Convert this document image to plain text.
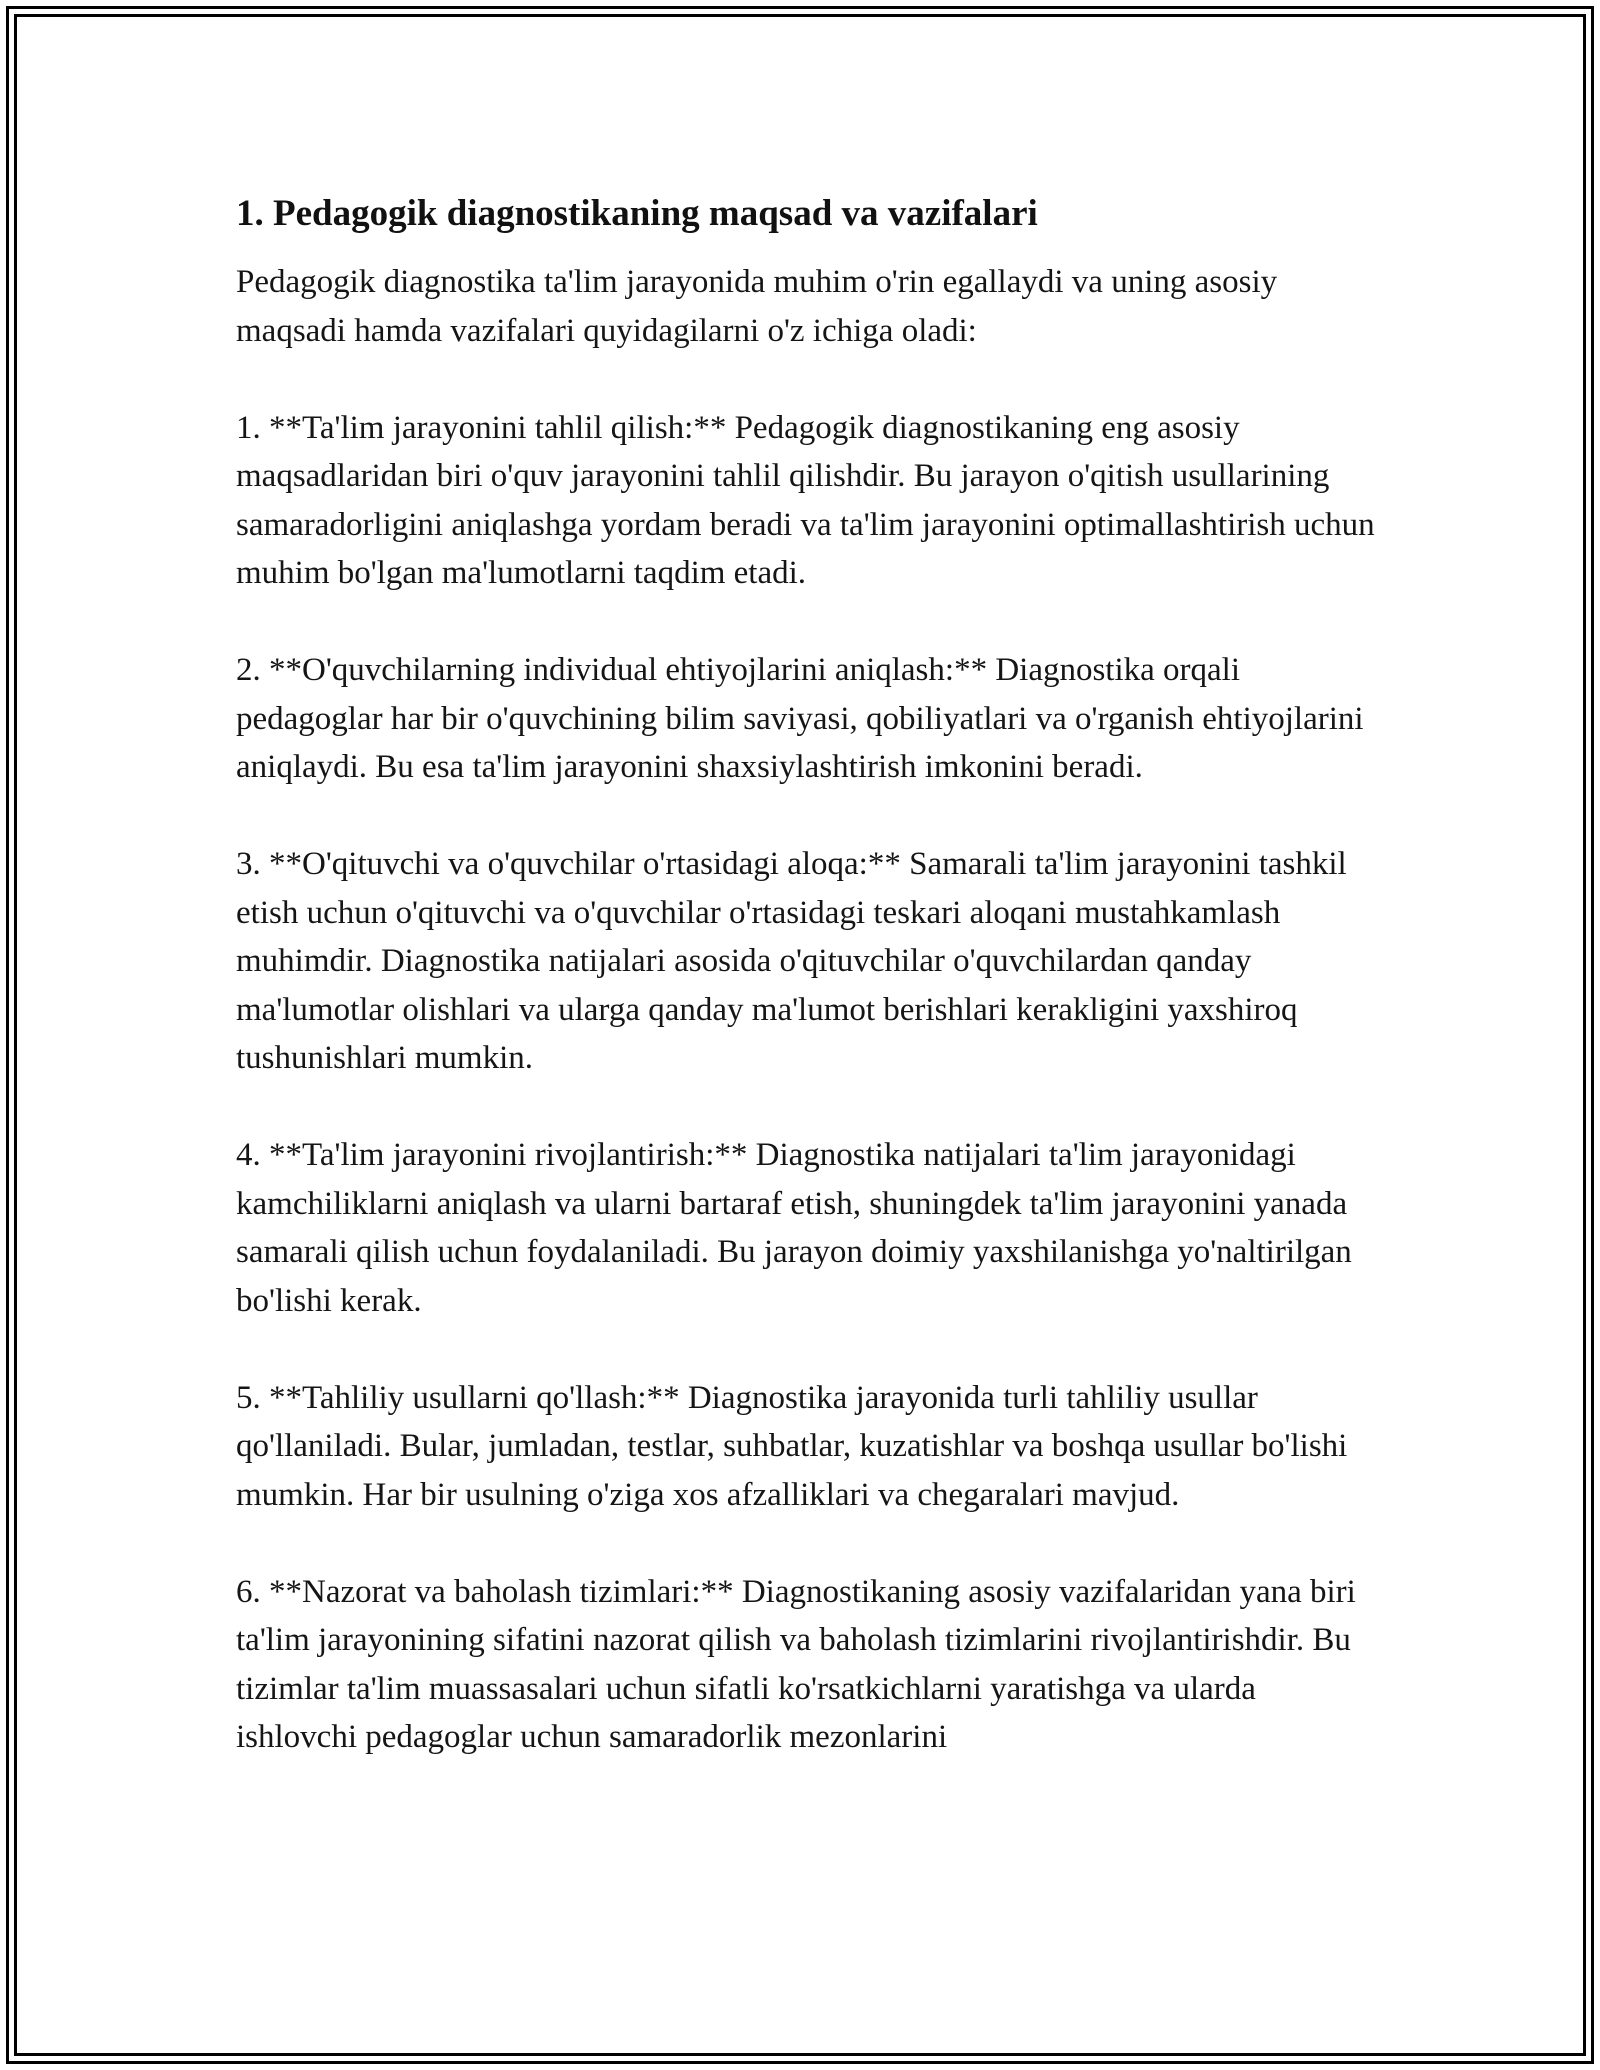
1. Pedagogik diagnostikaning maqsad va vazifalari

Pedagogik diagnostika ta'lim jarayonida muhim o'rin egallaydi va uning asosiy maqsadi hamda vazifalari quyidagilarni o'z ichiga oladi:

1. **Ta'lim jarayonini tahlil qilish:** Pedagogik diagnostikaning eng asosiy maqsadlaridan biri o'quv jarayonini tahlil qilishdir. Bu jarayon o'qitish usullarining samaradorligini aniqlashga yordam beradi va ta'lim jarayonini optimallashtirish uchun muhim bo'lgan ma'lumotlarni taqdim etadi.

2. **O'quvchilarning individual ehtiyojlarini aniqlash:** Diagnostika orqali pedagoglar har bir o'quvchining bilim saviyasi, qobiliyatlari va o'rganish ehtiyojlarini aniqlaydi. Bu esa ta'lim jarayonini shaxsiylashtirish imkonini beradi.

3. **O'qituvchi va o'quvchilar o'rtasidagi aloqa:** Samarali ta'lim jarayonini tashkil etish uchun o'qituvchi va o'quvchilar o'rtasidagi teskari aloqani mustahkamlash muhimdir. Diagnostika natijalari asosida o'qituvchilar o'quvchilardan qanday ma'lumotlar olishlari va ularga qanday ma'lumot berishlari kerakligini yaxshiroq tushunishlari mumkin.

4. **Ta'lim jarayonini rivojlantirish:** Diagnostika natijalari ta'lim jarayonidagi kamchiliklarni aniqlash va ularni bartaraf etish, shuningdek ta'lim jarayonini yanada samarali qilish uchun foydalaniladi. Bu jarayon doimiy yaxshilanishga yo'naltirilgan bo'lishi kerak.

5. **Tahliliy usullarni qo'llash:** Diagnostika jarayonida turli tahliliy usullar qo'llaniladi. Bular, jumladan, testlar, suhbatlar, kuzatishlar va boshqa usullar bo'lishi mumkin. Har bir usulning o'ziga xos afzalliklari va chegaralari mavjud.

6. **Nazorat va baholash tizimlari:** Diagnostikaning asosiy vazifalaridan yana biri ta'lim jarayonining sifatini nazorat qilish va baholash tizimlarini rivojlantirishdir. Bu tizimlar ta'lim muassasalari uchun sifatli ko'rsatkichlarni yaratishga va ularda ishlovchi pedagoglar uchun samaradorlik mezonlarini
